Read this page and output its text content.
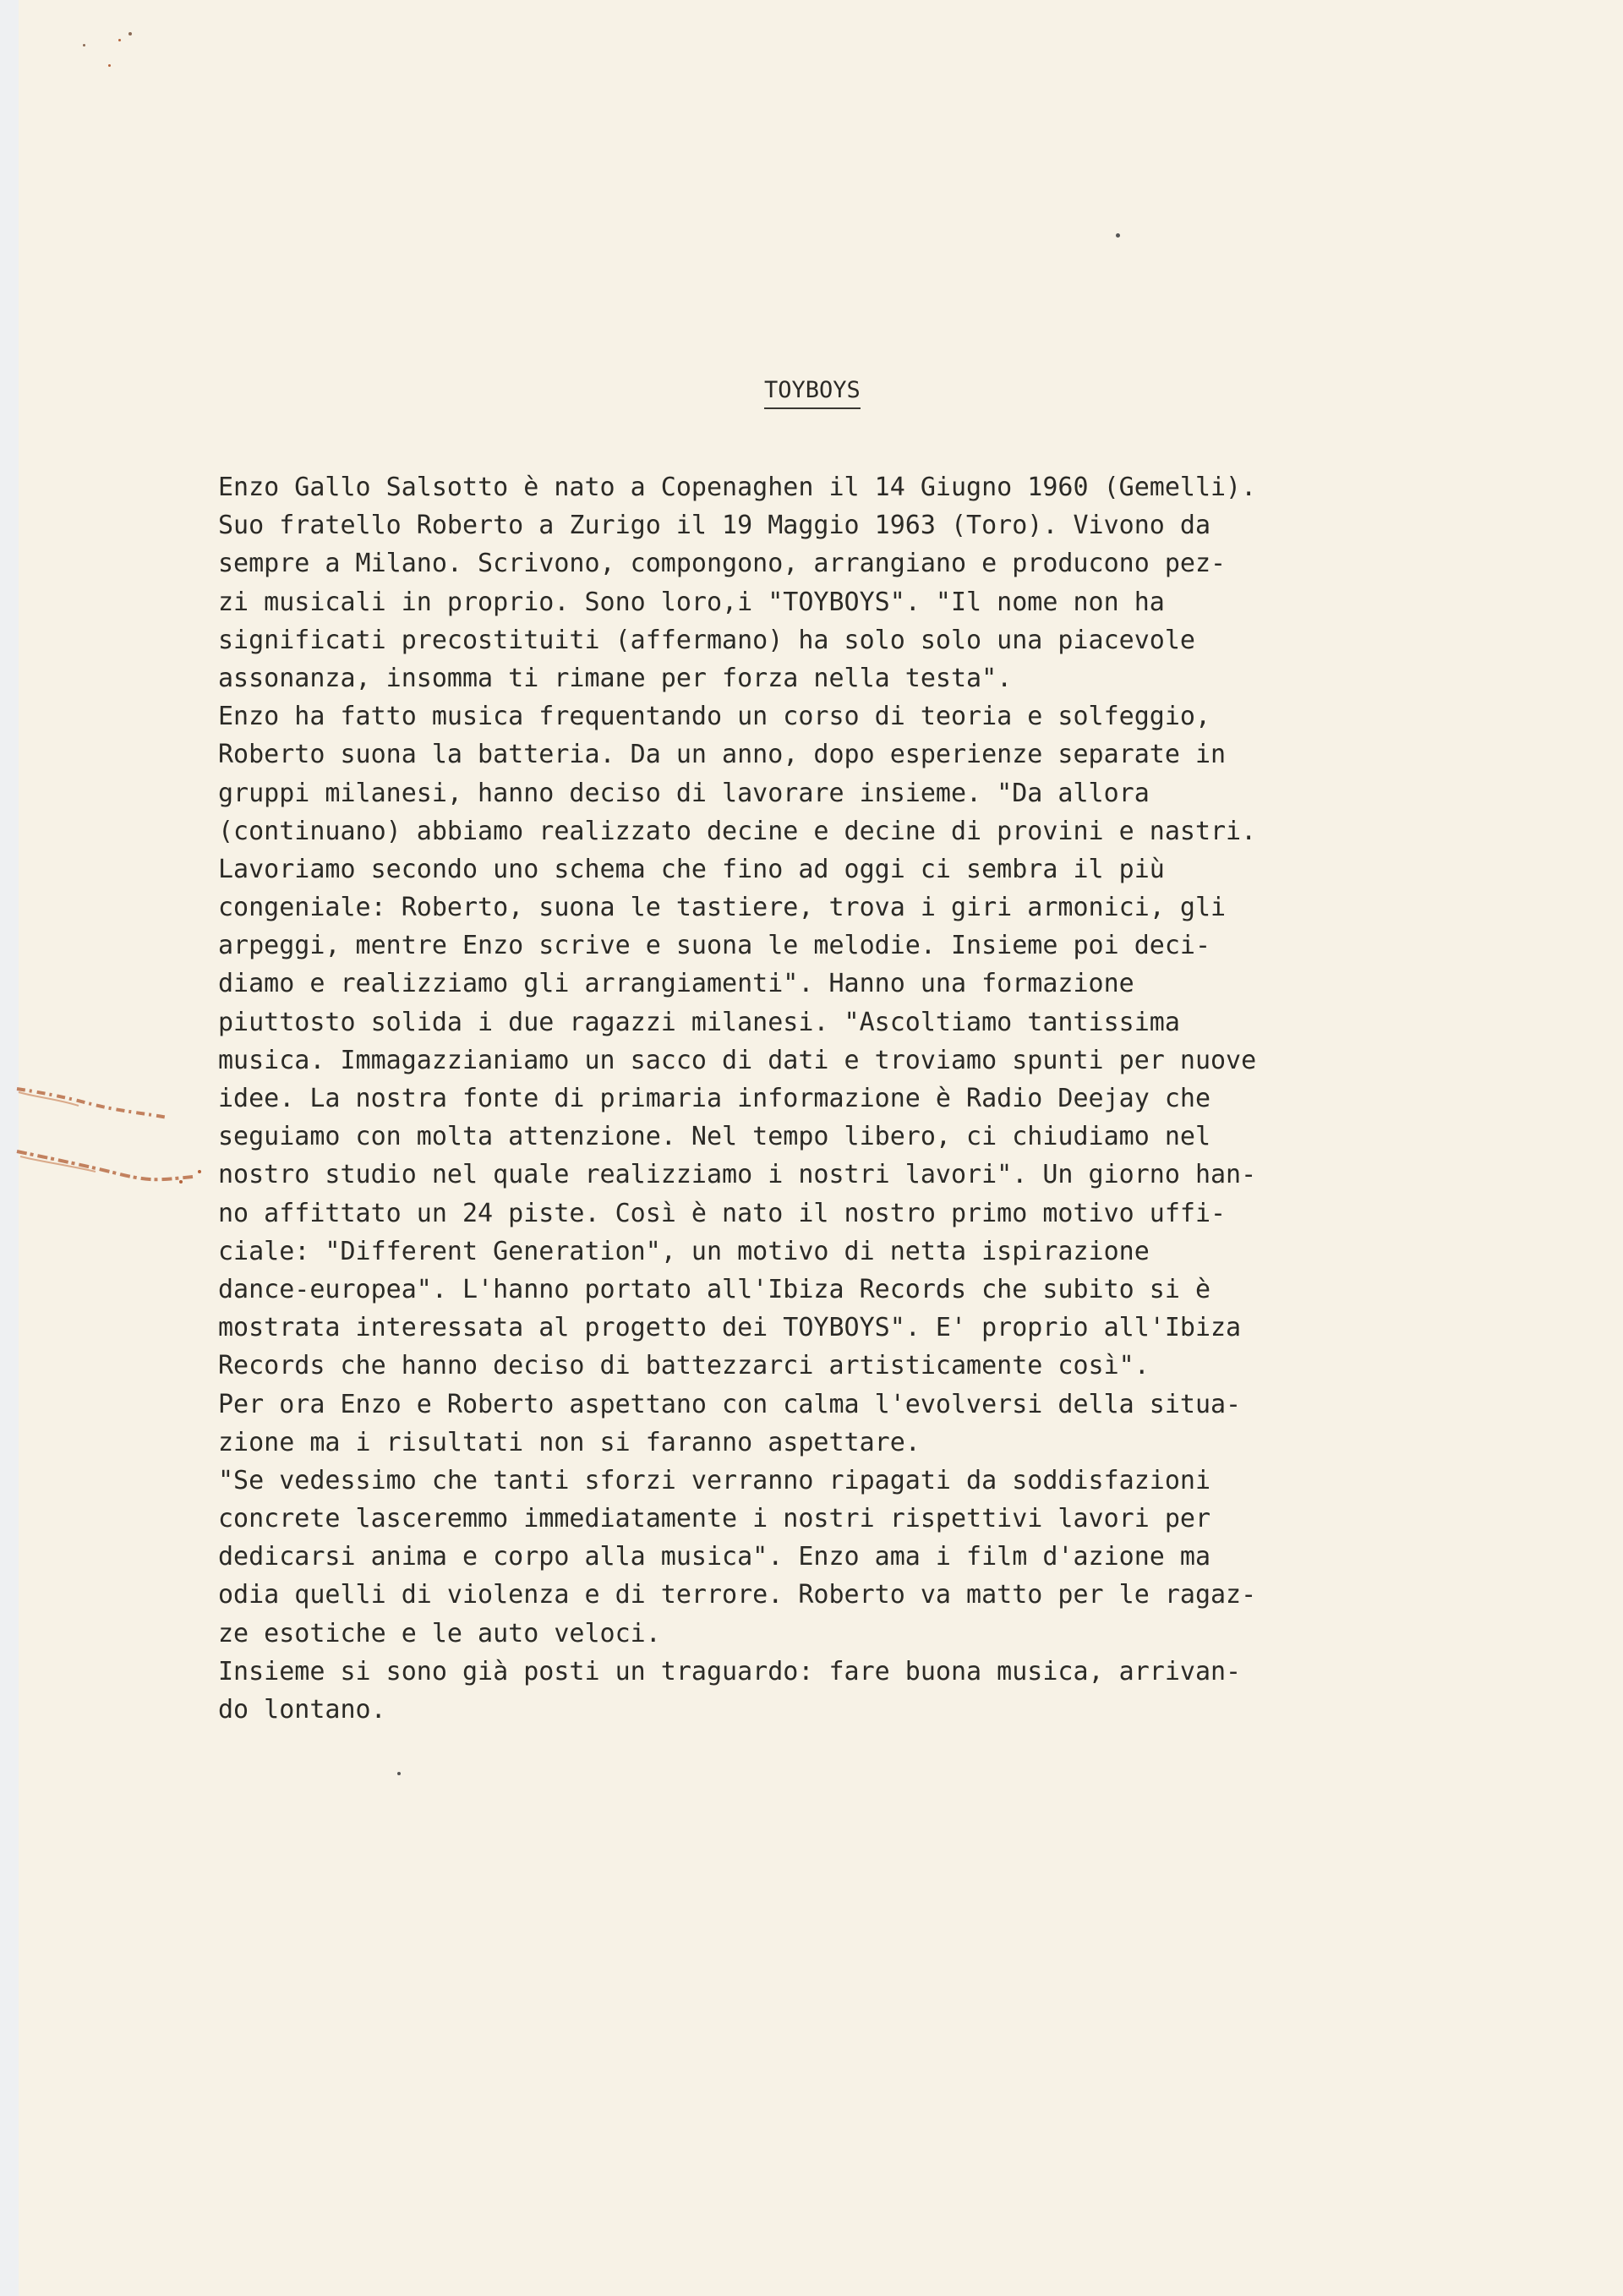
TOYBOYS
Enzo Gallo Salsotto è nato a Copenaghen il 14 Giugno 1960 (Gemelli).
Suo fratello Roberto a Zurigo il 19 Maggio 1963 (Toro). Vivono da
sempre a Milano. Scrivono, compongono, arrangiano e producono pez-
zi musicali in proprio. Sono loro,i "TOYBOYS". "Il nome non ha
significati precostituiti (affermano) ha solo solo una piacevole
assonanza, insomma ti rimane per forza nella testa".
Enzo ha fatto musica frequentando un corso di teoria e solfeggio,
Roberto suona la batteria. Da un anno, dopo esperienze separate in
gruppi milanesi, hanno deciso di lavorare insieme. "Da allora
(continuano) abbiamo realizzato decine e decine di provini e nastri.
Lavoriamo secondo uno schema che fino ad oggi ci sembra il più
congeniale: Roberto, suona le tastiere, trova i giri armonici, gli
arpeggi, mentre Enzo scrive e suona le melodie. Insieme poi deci-
diamo e realizziamo gli arrangiamenti". Hanno una formazione
piuttosto solida i due ragazzi milanesi. "Ascoltiamo tantissima
musica. Immagazzianiamo un sacco di dati e troviamo spunti per nuove
idee. La nostra fonte di primaria informazione è Radio Deejay che
seguiamo con molta attenzione. Nel tempo libero, ci chiudiamo nel
nostro studio nel quale realizziamo i nostri lavori". Un giorno han-
no affittato un 24 piste. Così è nato il nostro primo motivo uffi-
ciale: "Different Generation", un motivo di netta ispirazione
dance-europea". L'hanno portato all'Ibiza Records che subito si è
mostrata interessata al progetto dei TOYBOYS". E' proprio all'Ibiza
Records che hanno deciso di battezzarci artisticamente così".
Per ora Enzo e Roberto aspettano con calma l'evolversi della situa-
zione ma i risultati non si faranno aspettare.
"Se vedessimo che tanti sforzi verranno ripagati da soddisfazioni
concrete lasceremmo immediatamente i nostri rispettivi lavori per
dedicarsi anima e corpo alla musica". Enzo ama i film d'azione ma
odia quelli di violenza e di terrore. Roberto va matto per le ragaz-
ze esotiche e le auto veloci.
Insieme si sono già posti un traguardo: fare buona musica, arrivan-
do lontano.
